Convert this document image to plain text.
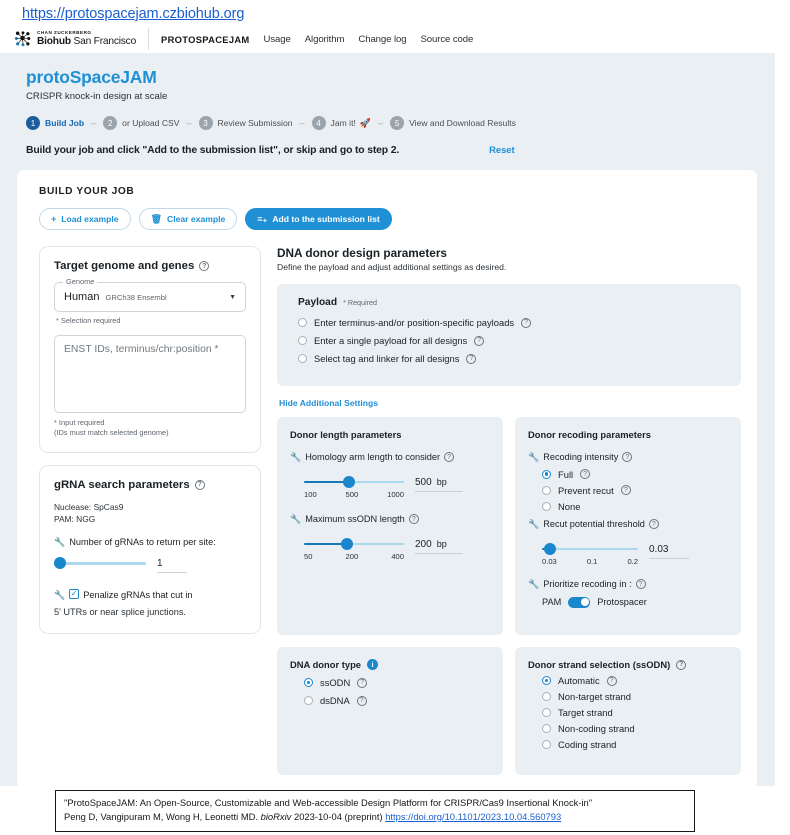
https://protospacejam.czbiohub.org
CHAN ZUCKERBERG
Biohub San Francisco	PROTOSPACEJAM Usage Algorithm Change log Source code
protoSpaceJAM
CRISPR knock-in design at scale
1	Build Job –	2	or Upload CSV –	3	Review Submission –	4	Jam it! 🚀 –	5	View and Download Results
Build your job and click "Add to the submission list", or skip and go to step 2.	Reset
BUILD YOUR JOB
+ Load example	🗑 Clear example	≡₊ Add to the submission list
Target genome and genes	?
Genome
Human GRCh38 Ensembl	▼
* Selection required
ENST IDs, terminus/chr:position *
* Input required
(IDs must match selected genome)
gRNA search parameters	?
Nuclease: SpCas9
PAM: NGG
🔧 Number of gRNAs to return per site:
1
🔧 ✓ Penalize gRNAs that cut in
5' UTRs or near splice junctions.
DNA donor design parameters
Define the payload and adjust additional settings as desired.
Payload * Required
Enter terminus-and/or position-specific payloads	?
Enter a single payload for all designs	?
Select tag and linker for all designs	?
Hide Additional Settings
Donor length parameters
🔧 Homology arm length to consider	?
100	500	1000
500 bp
🔧 Maximum ssODN length	?
50	200	400
200 bp
DNA donor type	i
ssODN	?
dsDNA	?
Donor recoding parameters
🔧 Recoding intensity	?
Full	?
Prevent recut	?
None
🔧 Recut potential threshold	?
0.03	0.1	0.2
0.03
🔧 Prioritize recoding in :	?
PAM	Protospacer
Donor strand selection (ssODN)	?
Automatic	?
Non-target strand
Target strand
Non-coding strand
Coding strand
"ProtoSpaceJAM: An Open-Source, Customizable and Web-accessible Design Platform for CRISPR/Cas9 Insertional Knock-in"
Peng D, Vangipuram M, Wong H, Leonetti MD. bioRxiv 2023-10-04 (preprint) https://doi.org/10.1101/2023.10.04.560793
